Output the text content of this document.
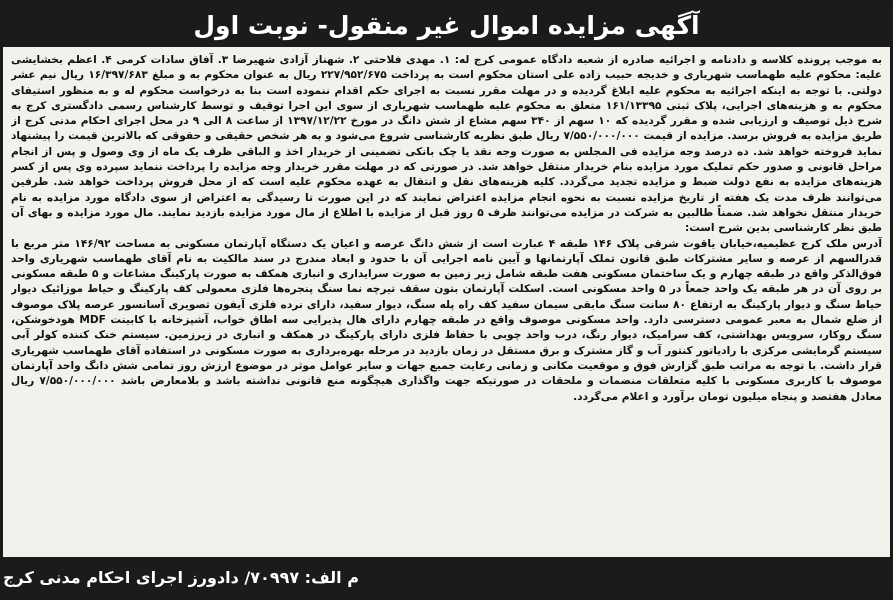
آگهی مزایده اموال غیر منقول- نوبت اول

به موجب پرونده کلاسه و دادنامه و اجرائیه صادره از شعبه دادگاه عمومی کرج له: ۱. مهدی فلاحتی ۲. شهناز آزادی شهیرضا ۳. آفاق سادات کرمی ۴. اعظم بخشایشی علیه: محکوم علیه طهماسب شهریاری و خدیجه حبیب زاده علی استان محکوم است به پرداخت ۲۲۷/۹۵۲/۶۷۵ ریال به عنوان محکوم به و مبلغ ۱۶/۳۹۷/۶۸۳ ریال نیم عشر دولتی. با توجه به اینکه اجرائیه به محکوم علیه ابلاغ گردیده و در مهلت مقرر نسبت به اجرای حکم اقدام ننموده است بنا به درخواست محکوم له و به منظور استیفای محکوم به و هزینه‌های اجرایی، پلاک ثبتی ۱۶۱/۱۳۳۹۵ متعلق به محکوم علیه طهماسب شهریاری از سوی این اجرا توقیف و توسط کارشناس رسمی دادگستری کرج به شرح ذیل توصیف و ارزیابی شده و مقرر گردیده که ۱۰ سهم از ۳۴۰ سهم مشاع از شش دانگ در مورخ ۱۳۹۷/۱۲/۲۲ از ساعت ۸ الی ۹ در محل اجرای احکام مدنی کرج از طریق مزایده به فروش برسد. مزایده از قیمت ۷/۵۵۰/۰۰۰/۰۰۰ ریال طبق نظریه کارشناسی شروع می‌شود و به هر شخص حقیقی و حقوقی که بالاترین قیمت را پیشنهاد نماید فروخته خواهد شد. ده درصد وجه مزایده فی المجلس به صورت وجه نقد یا چک بانکی تضمینی از خریدار اخذ و الباقی ظرف یک ماه از وی وصول و پس از انجام مراحل قانونی و صدور حکم تملیک مورد مزایده بنام خریدار منتقل خواهد شد. در صورتی که در مهلت مقرر خریدار وجه مزایده را پرداخت ننماید سپرده وی پس از کسر هزینه‌های مزایده به نفع دولت ضبط و مزایده تجدید می‌گردد. کلیه هزینه‌های نقل و انتقال به عهده محکوم علیه است که از محل فروش پرداخت خواهد شد. طرفین می‌توانند ظرف مدت یک هفته از تاریخ مزایده نسبت به نحوه انجام مزایده اعتراض نمایند که در این صورت تا رسیدگی به اعتراض از سوی دادگاه مورد مزایده به نام خریدار منتقل نخواهد شد. ضمناً طالبین به شرکت در مزایده می‌توانند ظرف ۵ روز قبل از مزایده با اطلاع از مال مورد مزایده بازدید نمایند. مال مورد مزایده و بهای آن طبق نظر کارشناسی بدین شرح است:

آدرس ملک کرج عظیمیه،خیابان یاقوت شرقی پلاک ۱۴۶ طبقه ۴ عبارت است از شش دانگ عرصه و اعیان یک دستگاه آپارتمان مسکونی به مساحت ۱۴۶/۹۲ متر مربع با قدرالسهم از عرصه و سایر مشترکات طبق قانون تملک آپارتمانها و آیین نامه اجرایی آن با حدود و ابعاد مندرج در سند مالکیت به نام آقای طهماسب شهریاری واحد فوق‌الذکر واقع در طبقه چهارم و یک ساختمان مسکونی هفت طبقه شامل زیر زمین به صورت سرایداری و انباری همکف به صورت پارکینگ مشاعات و ۵ طبقه مسکونی بر روی آن در هر طبقه یک واحد جمعاً در ۵ واحد مسکونی است. اسکلت آپارتمان بتون سقف تیرچه نما سنگ پنجره‌ها فلزی معمولی کف پارکینگ و حیاط موزائیک دیوار حیاط سنگ و دیوار پارکینگ به ارتفاع ۸۰ سانت سنگ مابقی سیمان سفید کف راه پله سنگ، دیوار سفید، دارای نرده فلزی آیفون تصویری آسانسور عرصه پلاک موصوف از ضلع شمال به معبر عمومی دسترسی دارد. واحد مسکونی موصوف واقع در طبقه چهارم دارای هال پذیرایی سه اطاق خواب، آشپزخانه با کابینت MDF هودخوشکن، سنگ روکار، سرویس بهداشتی، کف سرامیک، دیوار رنگ، درب واحد چوبی با حفاظ فلزی دارای پارکینگ در همکف و انباری در زیرزمین. سیستم خنک کننده کولر آبی سیستم گرمایشی مرکزی با رادیاتور کنتور آب و گاز مشترک و برق مستقل در زمان بازدید در مرحله بهره‌برداری به صورت مسکونی در استفاده آقای طهماسب شهریاری قرار داشت. با توجه به مراتب طبق گزارش فوق و موقعیت مکانی و زمانی رعایت جمیع جهات و سایر عوامل موثر در موضوع ارزش روز تمامی شش دانگ واحد آپارتمان موصوف با کاربری مسکونی با کلیه متعلقات منضمات و ملحقات در صورتیکه جهت واگذاری هیچگونه منع قانونی نداشته باشد و بلامعارض باشد ۷/۵۵۰/۰۰۰/۰۰۰ ریال معادل هفتصد و پنجاه میلیون تومان برآورد و اعلام می‌گردد.

م الف: ۷۰۹۹۷/ دادورز اجرای احکام مدنی کرج
